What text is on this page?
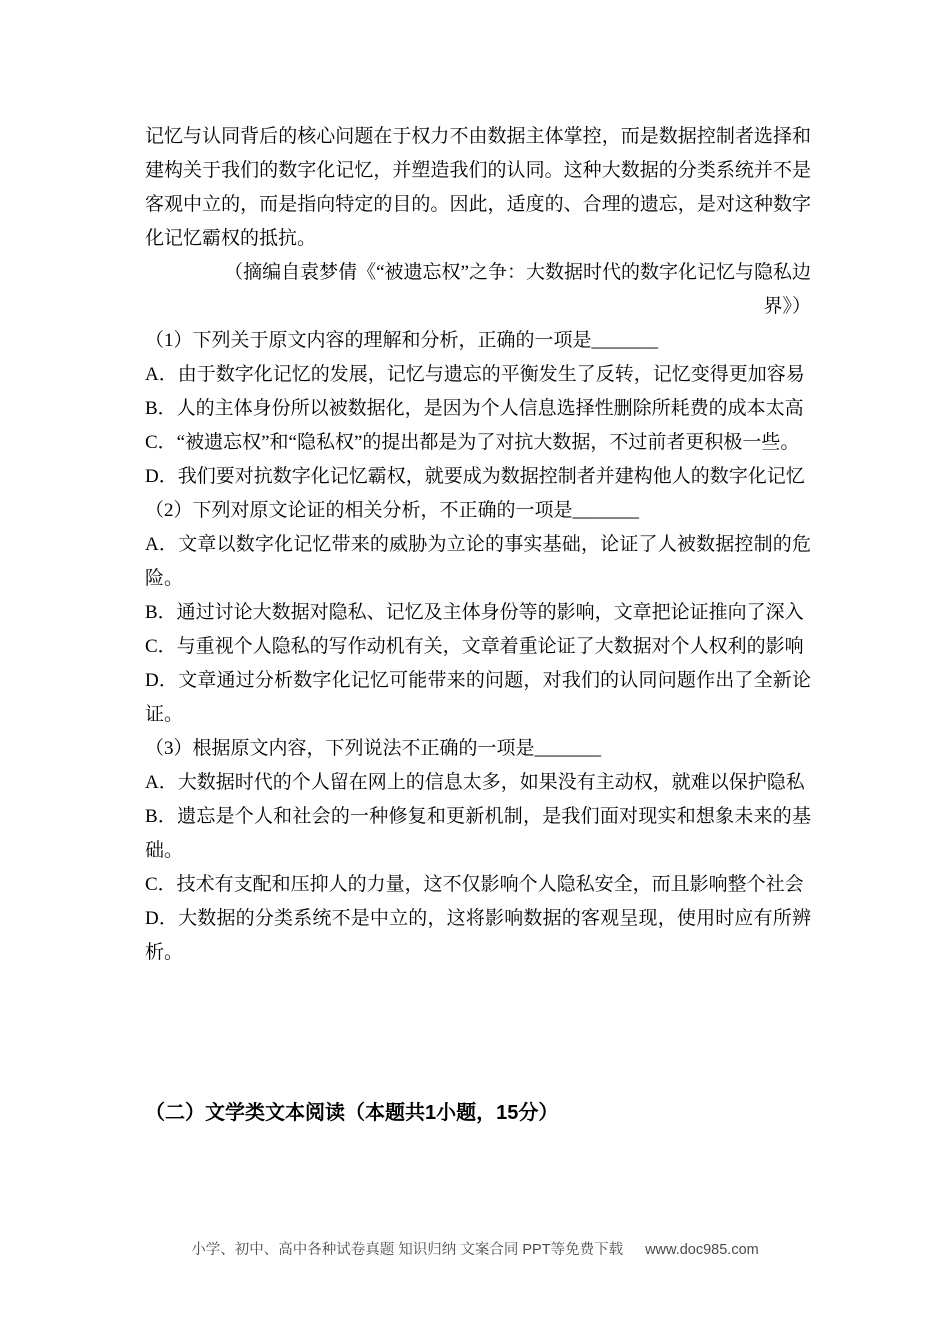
记忆与认同背后的核心问题在于权力不由数据主体掌控，而是数据控制者选择和建构关于我们的数字化记忆，并塑造我们的认同。这种大数据的分类系统并不是客观中立的，而是指向特定的目的。因此，适度的、合理的遗忘，是对这种数字化记忆霸权的抵抗。

（摘编自袁梦倩《“被遗忘权”之争：大数据时代的数字化记忆与隐私边

界》）

（1）下列关于原文内容的理解和分析，正确的一项是_______

A．由于数字化记忆的发展，记忆与遗忘的平衡发生了反转，记忆变得更加容易

B．人的主体身份所以被数据化，是因为个人信息选择性删除所耗费的成本太高

C．“被遗忘权”和“隐私权”的提出都是为了对抗大数据，不过前者更积极一些。

D．我们要对抗数字化记忆霸权，就要成为数据控制者并建构他人的数字化记忆

（2）下列对原文论证的相关分析，不正确的一项是_______

A．文章以数字化记忆带来的威胁为立论的事实基础，论证了人被数据控制的危险。

B．通过讨论大数据对隐私、记忆及主体身份等的影响，文章把论证推向了深入

C．与重视个人隐私的写作动机有关，文章着重论证了大数据对个人权利的影响

D．文章通过分析数字化记忆可能带来的问题，对我们的认同问题作出了全新论证。

（3）根据原文内容，下列说法不正确的一项是_______

A．大数据时代的个人留在网上的信息太多，如果没有主动权，就难以保护隐私

B．遗忘是个人和社会的一种修复和更新机制，是我们面对现实和想象未来的基础。

C．技术有支配和压抑人的力量，这不仅影响个人隐私安全，而且影响整个社会

D．大数据的分类系统不是中立的，这将影响数据的客观呈现，使用时应有所辨析。

（二）文学类文本阅读（本题共1小题，15分）

小学、初中、高中各种试卷真题 知识归纳 文案合同 PPT等免费下载 www.doc985.com
